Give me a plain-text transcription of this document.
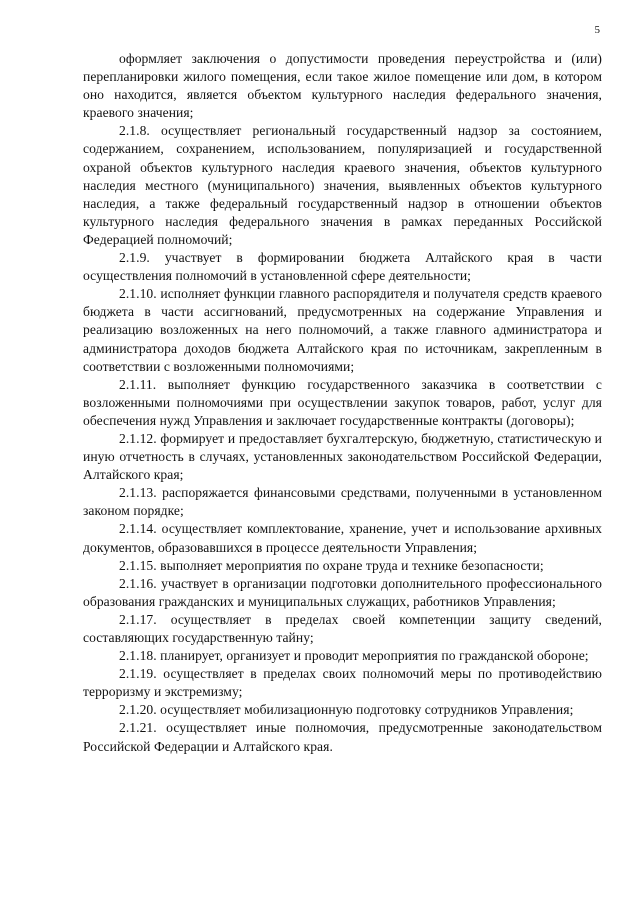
5

оформляет заключения о допустимости проведения переустройства и (или) перепланировки жилого помещения, если такое жилое помещение или дом, в котором оно находится, является объектом культурного наследия федерального значения, краевого значения;

2.1.8. осуществляет региональный государственный надзор за состоянием, содержанием, сохранением, использованием, популяризацией и государственной охраной объектов культурного наследия краевого значения, объектов культурного наследия местного (муниципального) значения, выявленных объектов культурного наследия, а также федеральный государственный надзор в отношении объектов культурного наследия федерального значения в рамках переданных Российской Федерацией полномочий;

2.1.9. участвует в формировании бюджета Алтайского края в части осуществления полномочий в установленной сфере деятельности;

2.1.10. исполняет функции главного распорядителя и получателя средств краевого бюджета в части ассигнований, предусмотренных на содержание Управления и реализацию возложенных на него полномочий, а также главного администратора и администратора доходов бюджета Алтайского края по источникам, закрепленным в соответствии с возложенными полномочиями;

2.1.11. выполняет функцию государственного заказчика в соответствии с возложенными полномочиями при осуществлении закупок товаров, работ, услуг для обеспечения нужд Управления и заключает государственные контракты (договоры);

2.1.12. формирует и предоставляет бухгалтерскую, бюджетную, статистическую и иную отчетность в случаях, установленных законодательством Российской Федерации, Алтайского края;

2.1.13. распоряжается финансовыми средствами, полученными в установленном законом порядке;

2.1.14. осуществляет комплектование, хранение, учет и использование архивных документов, образовавшихся в процессе деятельности Управления;

2.1.15. выполняет мероприятия по охране труда и технике безопасности;

2.1.16. участвует в организации подготовки дополнительного профессионального образования гражданских и муниципальных служащих, работников Управления;

2.1.17. осуществляет в пределах своей компетенции защиту сведений, составляющих государственную тайну;

2.1.18. планирует, организует и проводит мероприятия по гражданской обороне;

2.1.19. осуществляет в пределах своих полномочий меры по противодействию терроризму и экстремизму;

2.1.20. осуществляет мобилизационную подготовку сотрудников Управления;

2.1.21. осуществляет иные полномочия, предусмотренные законодательством Российской Федерации и Алтайского края.
